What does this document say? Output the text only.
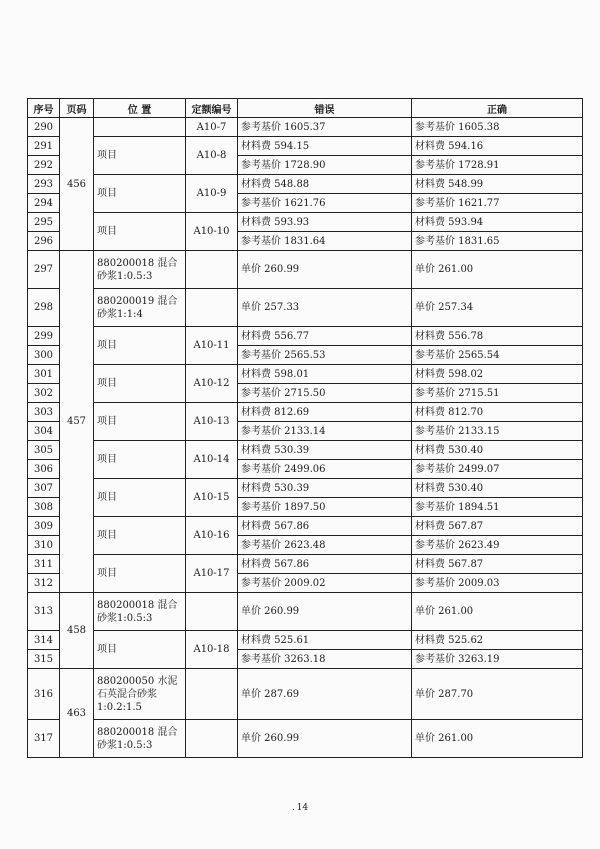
序号	页码	位 置	定额编号	错误	正确
290	456		A10-7	参考基价 1605.37	参考基价 1605.38
291		项目	A10-8	材料费 594.15	材料费 594.16
292				参考基价 1728.90	参考基价 1728.91
293		项目	A10-9	材料费 548.88	材料费 548.99
294				参考基价 1621.76	参考基价 1621.77
295		项目	A10-10	材料费 593.93	材料费 593.94
296				参考基价 1831.64	参考基价 1831.65
297	457	880200018 混合砂浆1:0.5:3		单价 260.99	单价 261.00
298		880200019 混合砂浆1:1:4		单价 257.33	单价 257.34
299		项目	A10-11	材料费 556.77	材料费 556.78
300				参考基价 2565.53	参考基价 2565.54
301		项目	A10-12	材料费 598.01	材料费 598.02
302				参考基价 2715.50	参考基价 2715.51
303		项目	A10-13	材料费 812.69	材料费 812.70
304				参考基价 2133.14	参考基价 2133.15
305		项目	A10-14	材料费 530.39	材料费 530.40
306				参考基价 2499.06	参考基价 2499.07
307		项目	A10-15	材料费 530.39	材料费 530.40
308				参考基价 1897.50	参考基价 1894.51
309		项目	A10-16	材料费 567.86	材料费 567.87
310				参考基价 2623.48	参考基价 2623.49
311		项目	A10-17	材料费 567.86	材料费 567.87
312				参考基价 2009.02	参考基价 2009.03
313	458	880200018 混合砂浆1:0.5:3		单价 260.99	单价 261.00
314		项目	A10-18	材料费 525.61	材料费 525.62
315				参考基价 3263.18	参考基价 3263.19
316	463	880200050 水泥石英混合砂浆1:0.2:1.5		单价 287.69	单价 287.70
317		880200018 混合砂浆1:0.5:3		单价 260.99	单价 261.00
. 14
